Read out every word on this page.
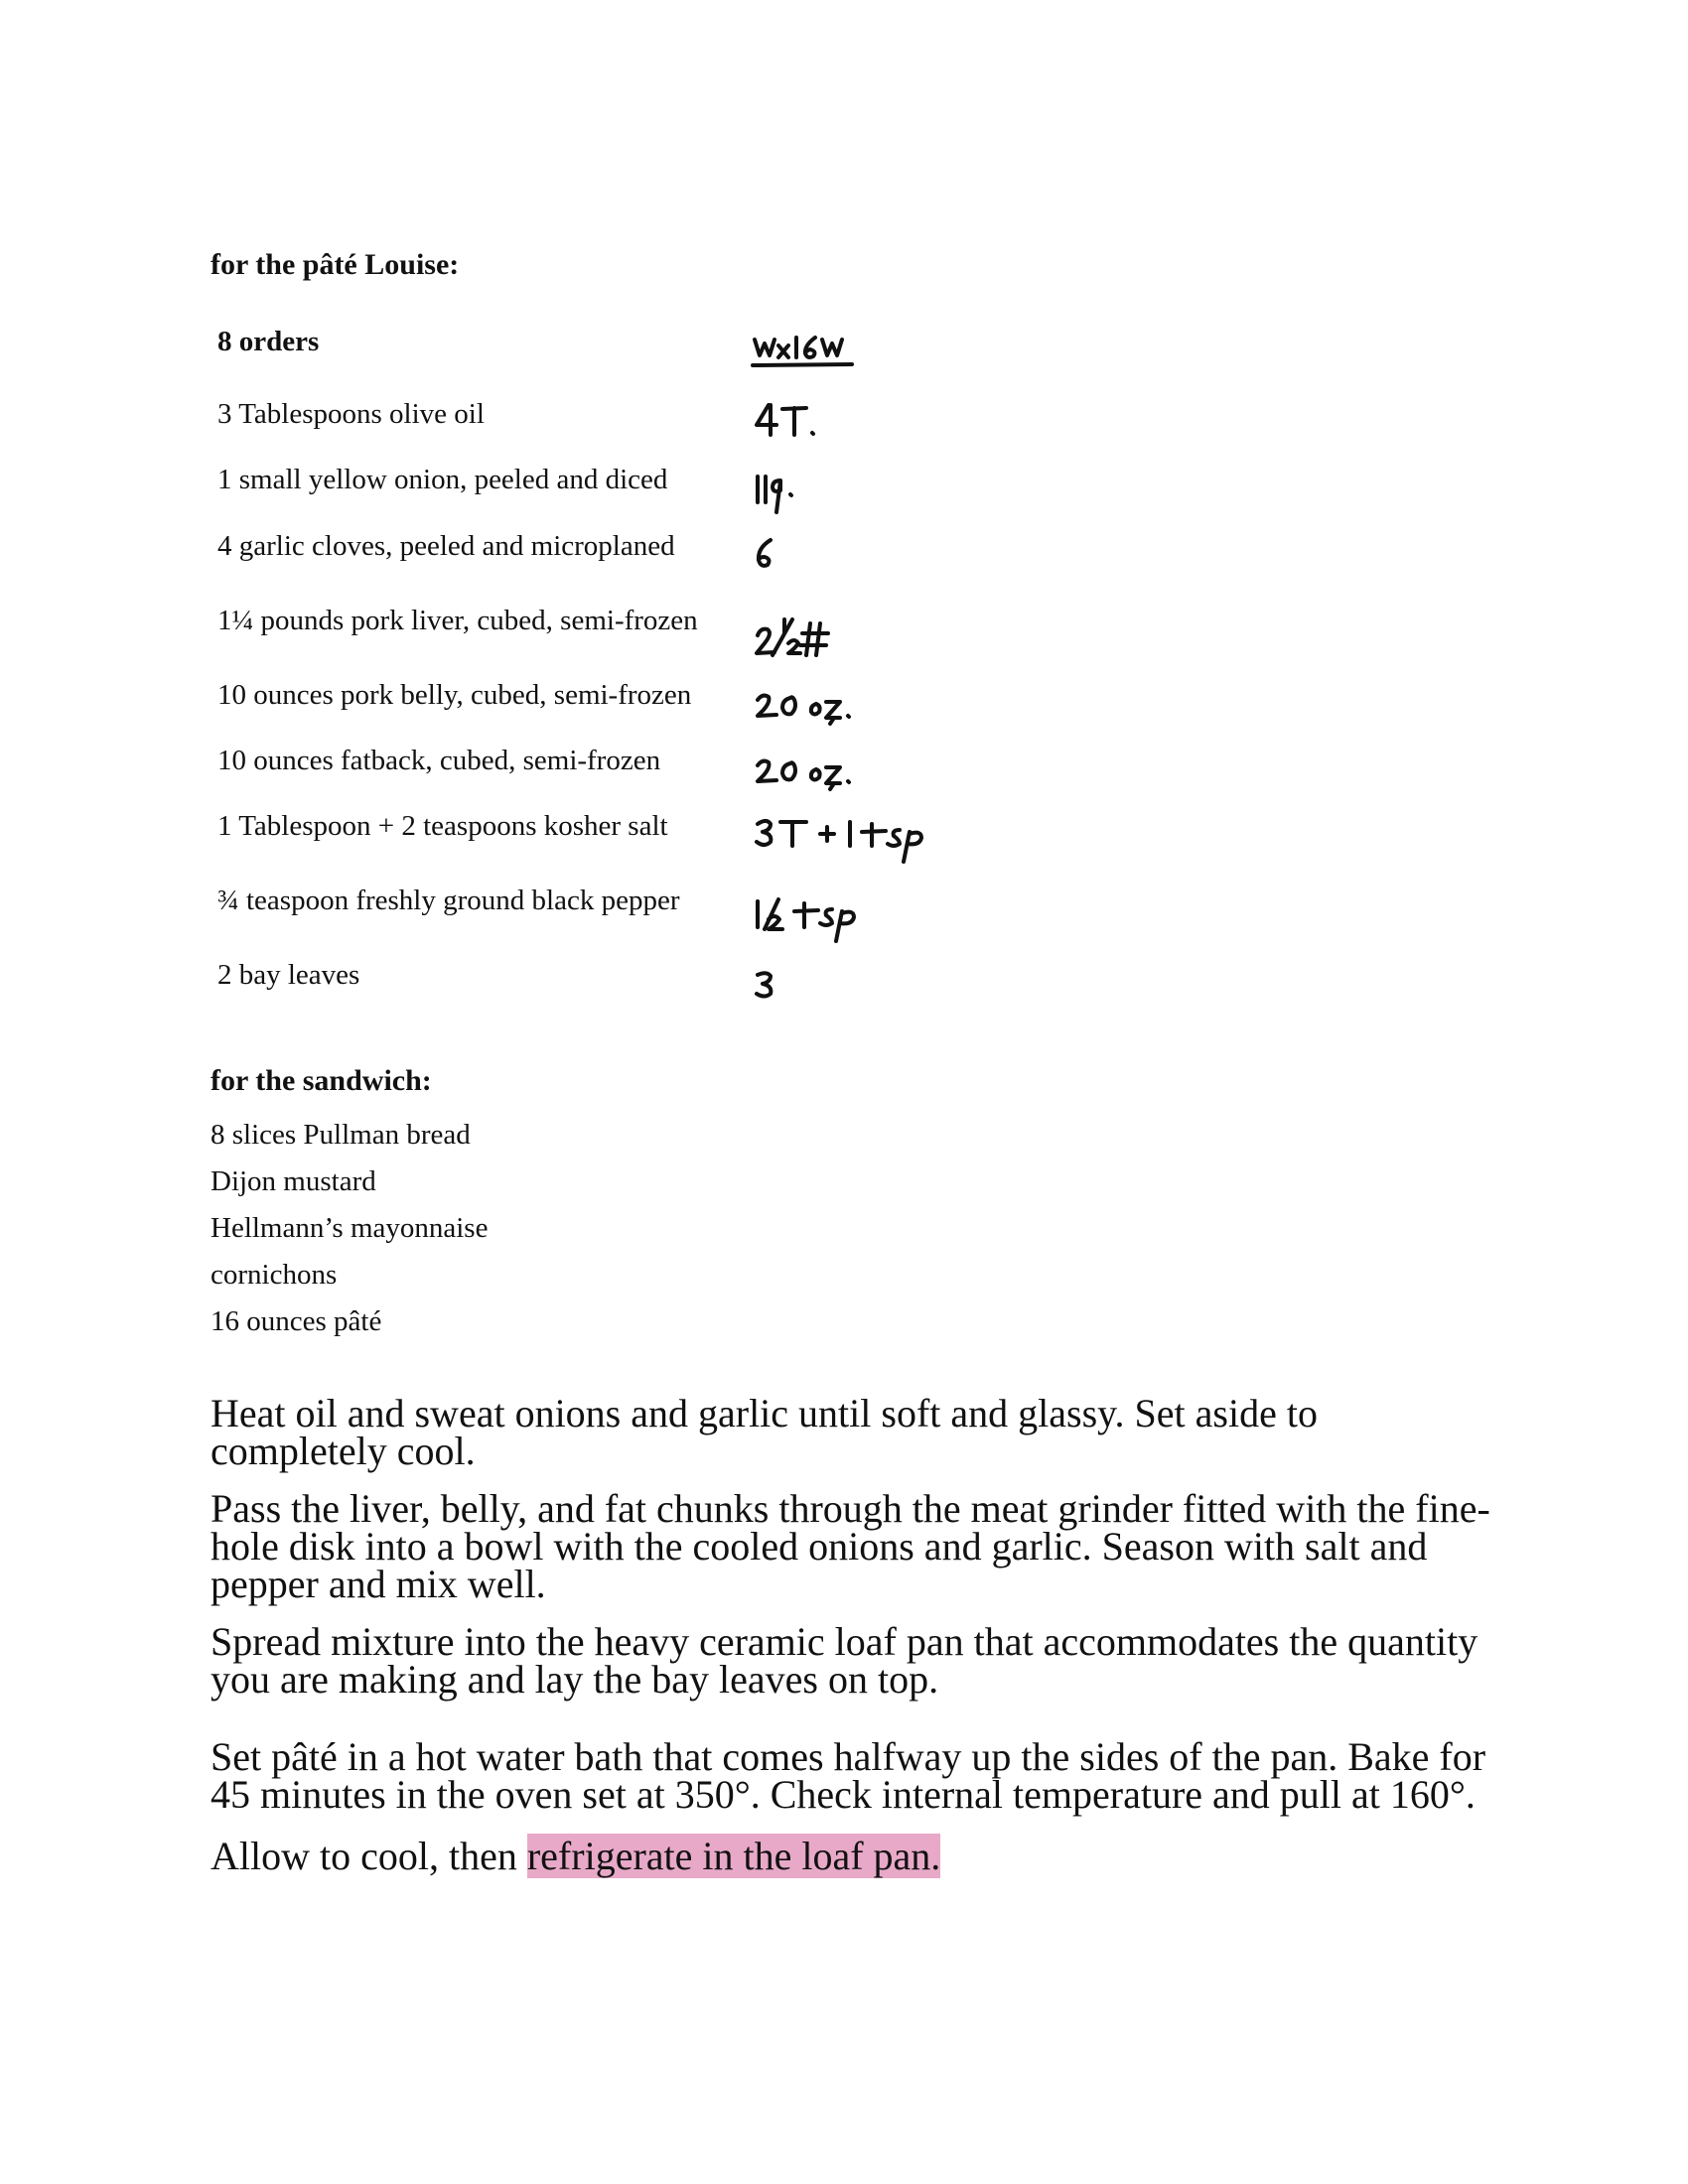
for the pâté Louise:
8 orders
3 Tablespoons olive oil
1 small yellow onion, peeled and diced
4 garlic cloves, peeled and microplaned
1¼ pounds pork liver, cubed, semi-frozen
10 ounces pork belly, cubed, semi-frozen
10 ounces fatback, cubed, semi-frozen
1 Tablespoon + 2 teaspoons kosher salt
¾ teaspoon freshly ground black pepper
2 bay leaves
for the sandwich:
8 slices Pullman bread
Dijon mustard
Hellmann’s mayonnaise
cornichons
16 ounces pâté

Heat oil and sweat onions and garlic until soft and glassy. Set aside to completely cool.

Pass the liver, belly, and fat chunks through the meat grinder fitted with the fine-hole disk into a bowl with the cooled onions and garlic. Season with salt and pepper and mix well.

Spread mixture into the heavy ceramic loaf pan that accommodates the quantity you are making and lay the bay leaves on top.

Set pâté in a hot water bath that comes halfway up the sides of the pan. Bake for 45 minutes in the oven set at 350°. Check internal temperature and pull at 160°.

Allow to cool, then refrigerate in the loaf pan.
